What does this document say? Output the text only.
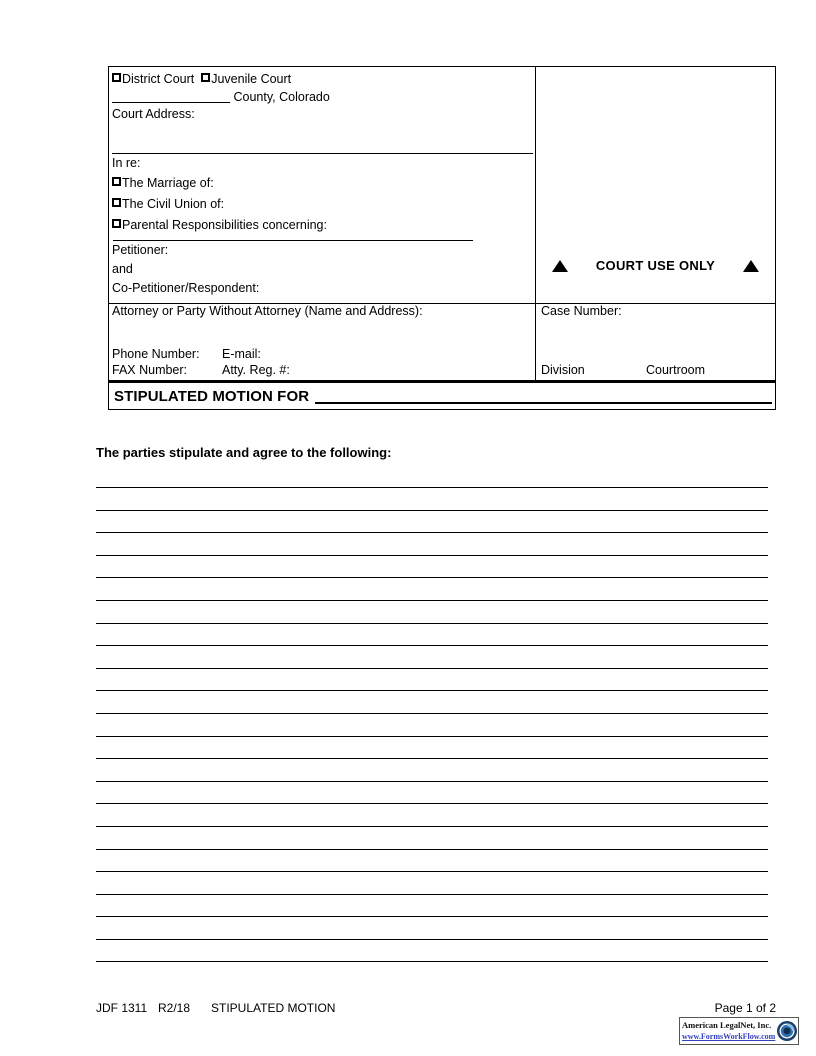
District Court Juvenile Court
County, Colorado
Court Address:
In re:
The Marriage of:
The Civil Union of:
Parental Responsibilities concerning:
Petitioner:
and
Co-Petitioner/Respondent:
COURT USE ONLY
Attorney or Party Without Attorney (Name and Address):
Phone Number:	E-mail:
FAX Number:	Atty. Reg. #:
Case Number:
Division	Courtroom
STIPULATED MOTION FOR
The parties stipulate and agree to the following:
JDF 1311 R2/18	STIPULATED MOTION	Page 1 of 2
American LegalNet, Inc.
www.FormsWorkFlow.com
